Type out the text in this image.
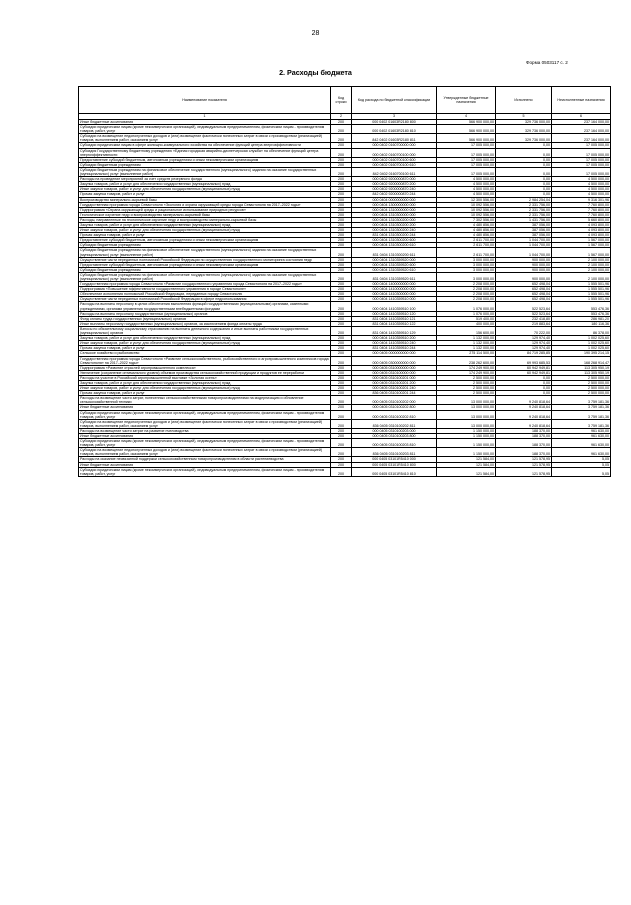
28
Форма 0503117 с. 2
2. Расходы бюджета
Наименование показателя	Код строки	Код расхода по бюджетной классификации	Утвержденные бюджетные назначения	Исполнено	Неисполненные назначения
1	2	3	4	5	6
Иные бюджетные ассигнования	200	000 0402 01603R2180 800	566 900 000,00	329 736 000,00	237 164 000,00
Субсидии юридическим лицам (кроме некоммерческих организаций), индивидуальным предпринимателям, физическим лицам - производителям товаров, работ, услуг	200	000 0402 01603R2180 810	566 900 000,00	329 736 000,00	237 164 000,00
Субсидии на возмещение недополученных доходов и (или) возмещение фактически понесенных затрат в связи с производством (реализацией) товаров, выполнением работ, оказанием услуг	200	842 0402 01603R2180 811	566 900 000,00	329 736 000,00	237 164 000,00
Субсидии юридическим лицам в сфере жилищно-коммунального хозяйства на обеспечение функций центра энергоэффективности	200	000 0402 0160700000 000	17 005 000,00	0,00	17 005 000,00
Субсидия Государственному бюджетному учреждению «Единая городская аварийно-диспетчерская служба» на обеспечение функций центра энергоэффективности	200	000 0402 0160700100 000	17 005 000,00	0,00	17 005 000,00
Предоставление субсидий бюджетным, автономным учреждениям и иным некоммерческим организациям	200	000 0402 0160700100 600	17 005 000,00	0,00	17 005 000,00
Субсидии бюджетным учреждениям	200	000 0402 0160700100 610	17 005 000,00	0,00	17 005 000,00
Субсидии бюджетным учреждениям на финансовое обеспечение государственного (муниципального) задания на оказание государственных (муниципальных) услуг (выполнение работ)	200	842 0402 0160700100 611	17 005 000,00	0,00	17 005 000,00
Расходы на проведение мероприятий за счет средств резервного фонда	200	000 0402 9200000870 000	4 500 000,00	0,00	4 500 000,00
Закупка товаров, работ и услуг для обеспечения государственных (муниципальных) нужд	200	000 0402 9200000870 200	4 500 000,00	0,00	4 500 000,00
Иные закупки товаров, работ и услуг для обеспечения государственных (муниципальных) нужд	200	000 0402 9200000870 240	4 500 000,00	0,00	4 500 000,00
Прочая закупка товаров, работ и услуг	200	842 0402 9200000870 244	4 500 000,00	0,00	4 500 000,00
Воспроизводство минерально-сырьевой базы	200	000 0404 0000000000 000	12 300 556,00	2 984 254,04	9 316 301,96
Государственная программа города Севастополя «Экология и охрана окружающей среды города Севастополя на 2017–2022 годы»	200	000 0404 1300000000 000	10 092 556,00	2 331 756,00	7 760 800,00
Подпрограмма «Охрана окружающей среды и рациональное использование природных ресурсов»	200	000 0404 1310000000 000	10 092 556,00	2 331 756,00	7 760 800,00
Геологическое изучение недр и воспроизводство минерально-сырьевой базы	200	000 0404 1310300000 000	10 092 556,00	2 331 756,00	7 760 800,00
Расходы, направленные на геологическое изучение недр и воспроизводство минерально-сырьевой базы	200	000 0404 1310300200 000	7 302 556,00	1 431 756,00	5 660 800,00
Закупка товаров, работ и услуг для обеспечения государственных (муниципальных) нужд	200	000 0404 1310300200 200	4 480 856,00	387 056,00	4 093 800,00
Иные закупки товаров, работ и услуг для обеспечения государственных (муниципальных) нужд	200	000 0404 1310300200 240	4 480 856,00	387 056,00	4 093 800,00
Прочая закупка товаров, работ и услуг	200	831 0404 1310300200 244	4 480 856,00	387 056,00	4 093 800,00
Предоставление субсидий бюджетным, автономным учреждениям и иным некоммерческим организациям	200	000 0404 1310300200 600	2 611 700,00	1 044 700,00	1 567 000,00
Субсидии бюджетным учреждениям	200	000 0404 1310300200 610	2 611 700,00	1 044 700,00	1 567 000,00
Субсидии бюджетным учреждениям на финансовое обеспечение государственного (муниципального) задания на оказание государственных (муниципальных) услуг (выполнение работ)	200	831 0404 1310300200 611	2 611 700,00	1 044 700,00	1 567 000,00
Осуществление части переданных полномочий Российской Федерации по осуществлению государственного мониторинга состояния недр	200	000 0404 1310359520 000	3 000 000,00	900 000,00	2 100 000,00
Предоставление субсидий бюджетным, автономным учреждениям и иным некоммерческим организациям	200	000 0404 1310359520 600	3 000 000,00	900 000,00	2 100 000,00
Субсидии бюджетным учреждениям	200	000 0404 1310359520 610	3 000 000,00	900 000,00	2 100 000,00
Субсидии бюджетным учреждениям на финансовое обеспечение государственного (муниципального) задания на оказание государственных (муниципальных) услуг (выполнение работ)	200	831 0404 1310359520 611	3 000 000,00	900 000,00	2 100 000,00
Государственная программа города Севастополя «Развитие государственного управления города Севастополя на 2017–2022 годы»	200	000 0404 1400000000 000	2 208 000,00	652 498,04	1 555 501,96
Подпрограмма «Повышение эффективности государственного управления в городе Севастополе»	200	000 0404 1410000000 000	2 208 000,00	652 498,04	1 555 501,96
Обеспечение исполнения полномочий Российской Федерации, переданных городу Севастополю	200	000 0404 1410300000 000	2 208 000,00	652 498,04	1 555 501,96
Осуществление части переданных полномочий Российской Федерации в сфере недропользования	200	000 0404 1410359510 000	2 208 000,00	652 498,04	1 555 501,96
Расходы на выплаты персоналу в целях обеспечения выполнения функций государственными (муниципальными) органами, казенными учреждениями, органами управления государственными внебюджетными фондами	200	000 0404 1410359510 100	1 076 000,00	522 523,64	553 476,36
Расходы на выплаты персоналу государственных (муниципальных) органов	200	000 0404 1410359510 120	1 076 000,00	522 523,64	553 476,36
Фонд оплаты труда государственных (муниципальных) органов	200	831 0404 1410359510 121	519 400,00	232 418,80	286 981,20
Иные выплаты персоналу государственных (муниципальных) органов, за исключением фонда оплаты труда	200	831 0404 1410359510 122	400 000,00	219 883,64	180 116,36
Взносы по обязательному социальному страхованию на выплаты денежного содержания и иные выплаты работникам государственных (муниципальных) органов	200	831 0404 1410359510 129	156 600,00	70 222,00	86 378,00
Закупка товаров, работ и услуг для обеспечения государственных (муниципальных) нужд	200	000 0404 1410359510 200	1 132 000,00	129 974,40	1 002 025,60
Иные закупки товаров, работ и услуг для обеспечения государственных (муниципальных) нужд	200	000 0404 1410359510 240	1 132 000,00	129 974,40	1 002 025,60
Прочая закупка товаров, работ и услуг	200	831 0404 1410359510 244	1 132 000,00	129 974,40	1 002 025,60
Сельское хозяйство и рыболовство	200	000 0405 0000000000 000	275 114 500,00	84 719 285,85	190 395 214,15
Государственная программа города Севастополя «Развитие сельскохозяйственного, рыбохозяйственного и агропромышленного комплексов города Севастополя» на 2017–2022 годы»	200	000 0405 0300000000 000	238 262 600,00	69 993 685,53	168 268 914,47
Подпрограмма «Развитие отраслей агропромышленного комплекса»	200	000 0405 0310000000 000	174 249 900,00	60 942 949,81	113 305 950,19
Увеличение (сохранение оптимального уровня) объемов производства сельскохозяйственной продукции и продуктов ее переработки	200	000 0405 0310100000 000	174 249 900,00	60 942 949,81	113 305 950,19
Расходы на участие в Российской агропромышленной выставке «Золотая осень»	200	000 0405 0310100201 000	2 500 000,00	0,00	2 500 000,00
Закупка товаров, работ и услуг для обеспечения государственных (муниципальных) нужд	200	000 0405 0310100201 200	2 500 000,00	0,00	2 500 000,00
Иные закупки товаров, работ и услуг для обеспечения государственных (муниципальных) нужд	200	000 0405 0310100201 240	2 500 000,00	0,00	2 500 000,00
Прочая закупка товаров, работ и услуг	200	836 0405 0310100201 244	2 500 000,00	0,00	2 500 000,00
Расходы на возмещение части затрат, понесенных сельскохозяйственными товаропроизводителями на модернизацию и обновление сельскохозяйственной техники	200	000 0405 0310100202 000	13 000 000,00	9 240 818,64	3 759 181,36
Иные бюджетные ассигнования	200	000 0405 0310100202 800	13 000 000,00	9 240 818,64	3 759 181,36
Субсидии юридическим лицам (кроме некоммерческих организаций), индивидуальным предпринимателям, физическим лицам - производителям товаров, работ, услуг	200	000 0405 0310100202 810	13 000 000,00	9 240 818,64	3 759 181,36
Субсидии на возмещение недополученных доходов и (или) возмещение фактически понесенных затрат в связи с производством (реализацией) товаров, выполнением работ, оказанием услуг	200	836 0405 0310100202 811	13 000 000,00	9 240 818,64	3 759 181,36
Расходы на возмещение части затрат на развитие пчеловодства	200	000 0405 0310100203 000	1 150 000,00	188 370,00	961 630,00
Иные бюджетные ассигнования	200	000 0405 0310100203 800	1 150 000,00	188 370,00	961 630,00
Субсидии юридическим лицам (кроме некоммерческих организаций), индивидуальным предпринимателям, физическим лицам - производителям товаров, работ, услуг	200	000 0405 0310100203 810	1 150 000,00	188 370,00	961 630,00
Субсидии на возмещение недополученных доходов и (или) возмещение фактически понесенных затрат в связи с производством (реализацией) товаров, выполнением работ, оказанием услуг	200	836 0405 0310100203 811	1 150 000,00	188 370,00	961 630,00
Расходы на оказание несвязанной поддержки сельскохозяйственным товаропроизводителям в области растениеводства	200	000 0405 03101R5410 000	121 584,00	121 578,95	5,05
Иные бюджетные ассигнования	200	000 0405 03101R5410 800	121 584,00	121 578,95	5,05
Субсидии юридическим лицам (кроме некоммерческих организаций), индивидуальным предпринимателям, физическим лицам - производителям товаров, работ, услуг	200	000 0405 03101R5410 810	121 584,00	121 578,95	5,05
